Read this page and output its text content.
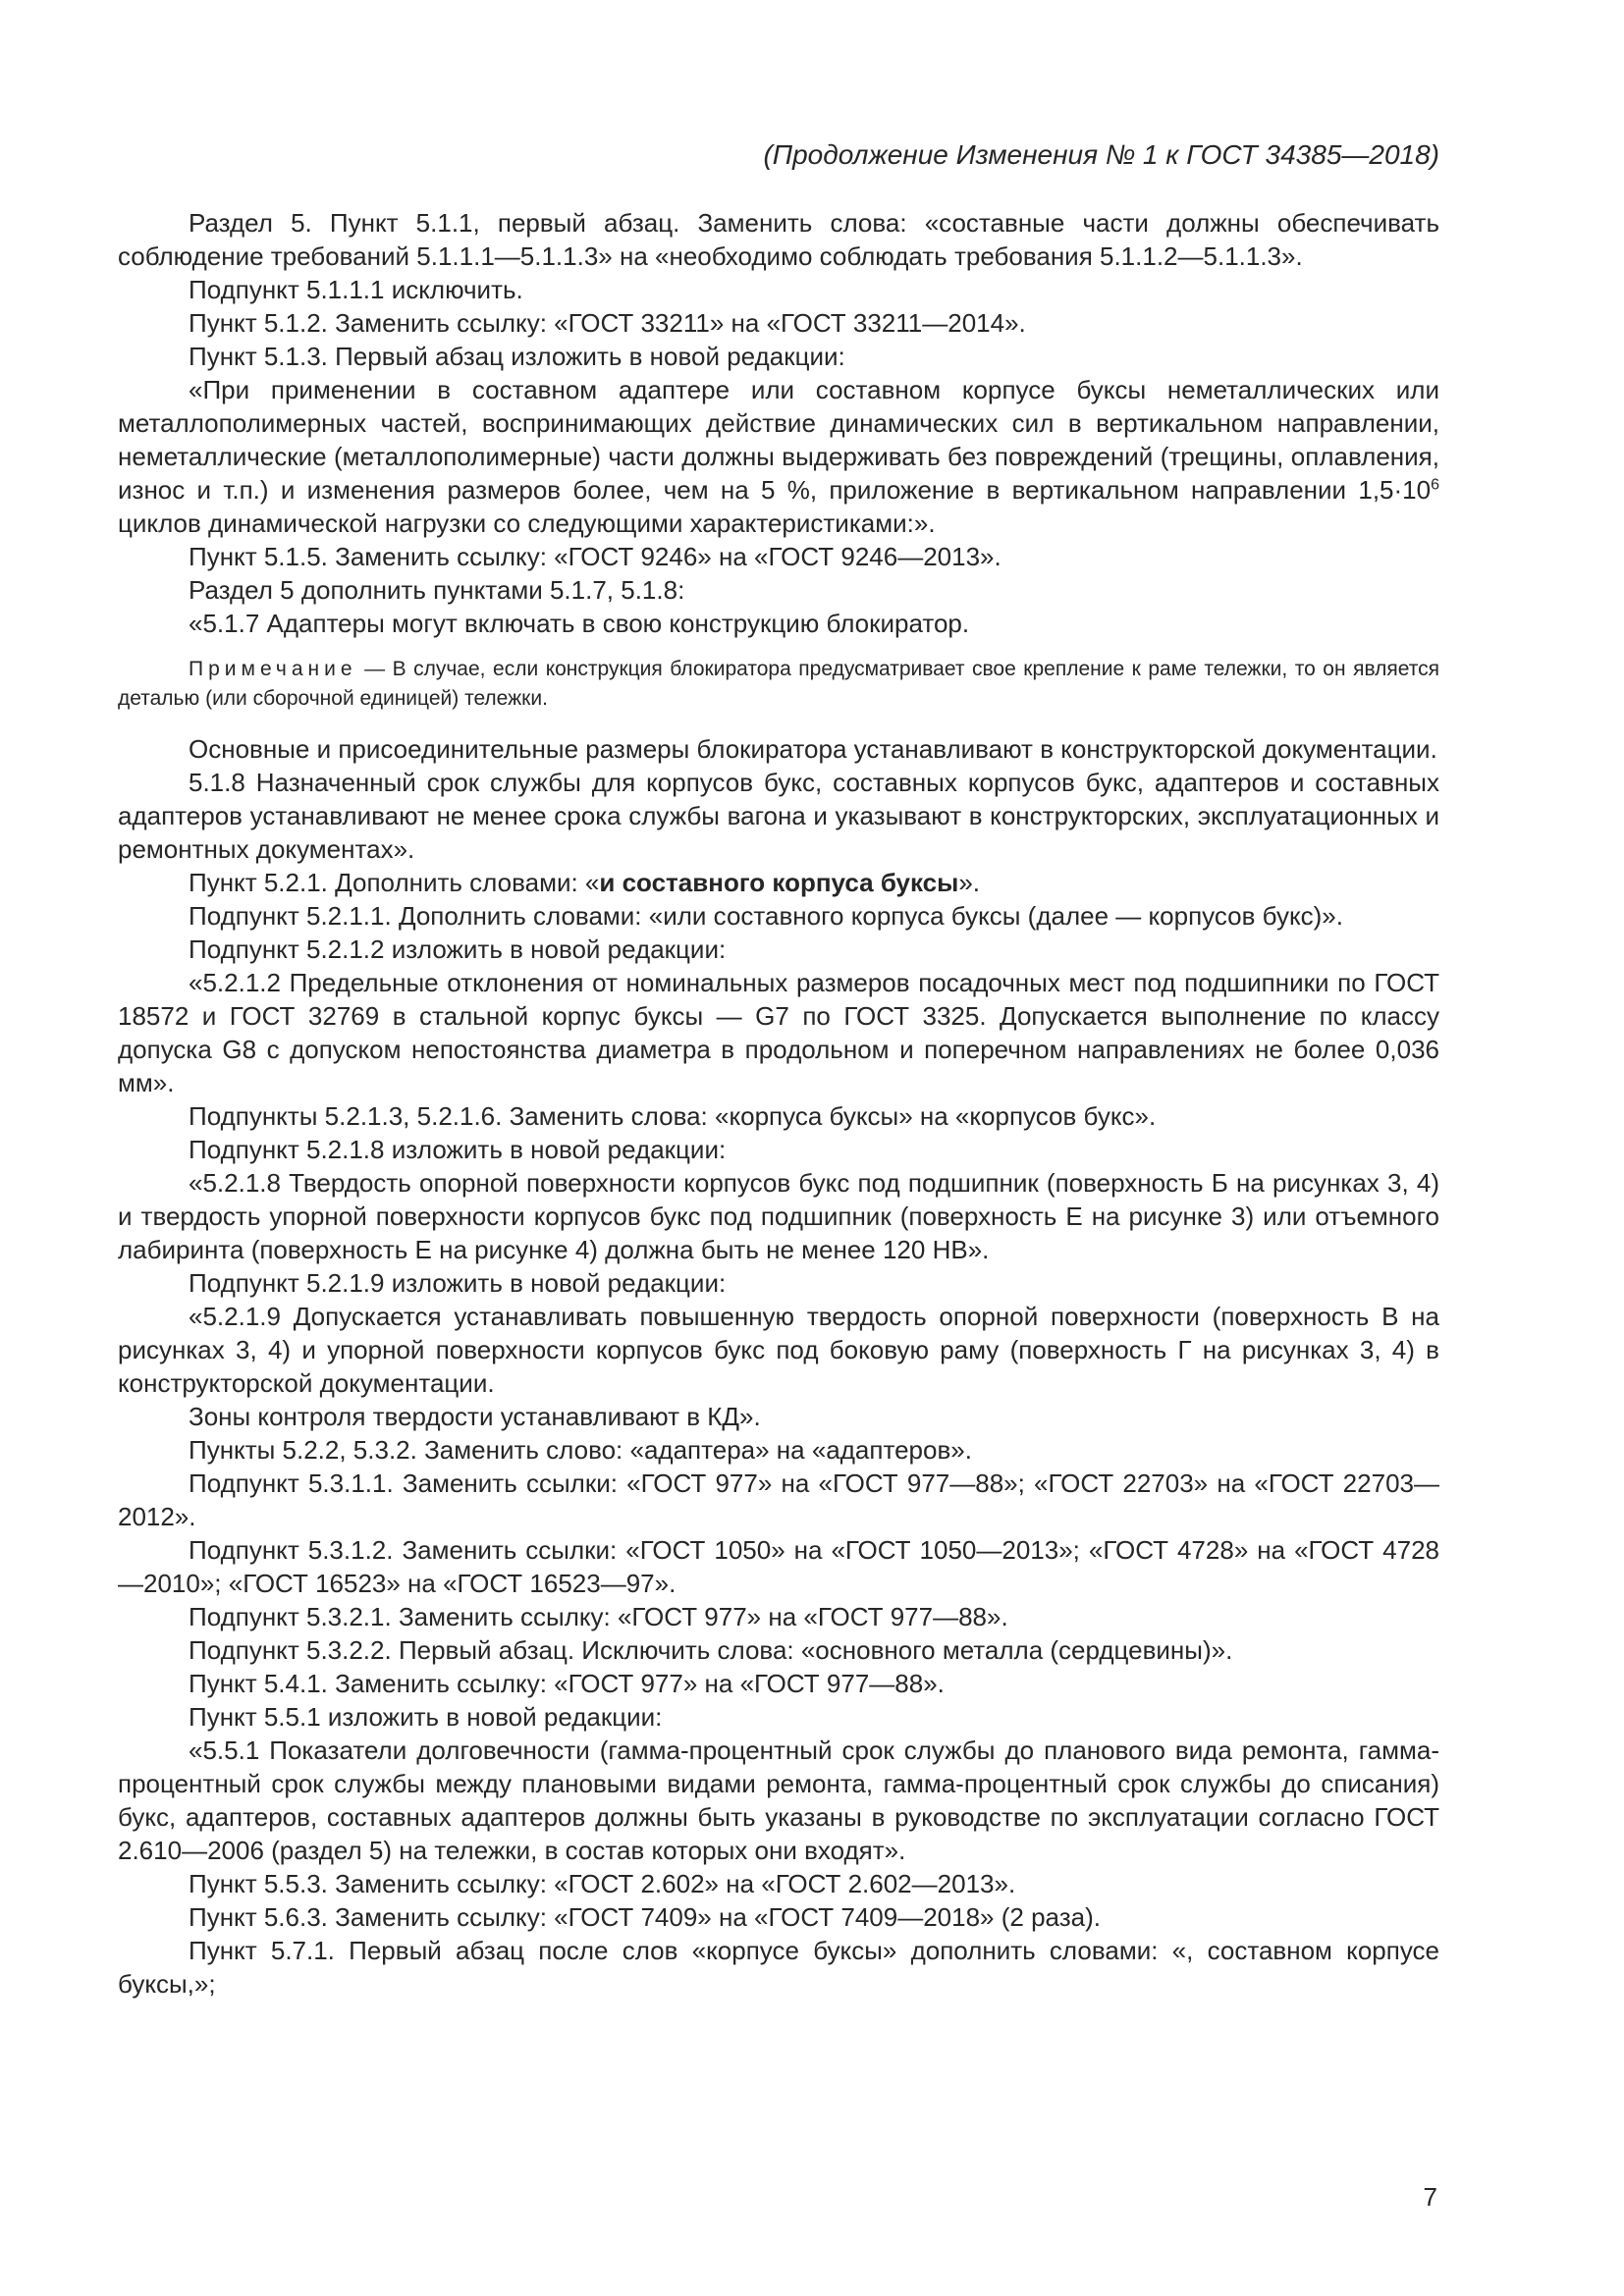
(Продолжение Изменения № 1 к ГОСТ 34385—2018)

Раздел 5. Пункт 5.1.1, первый абзац. Заменить слова: «составные части должны обеспечивать соблюдение требований 5.1.1.1—5.1.1.3» на «необходимо соблюдать требования 5.1.1.2—5.1.1.3».

Подпункт 5.1.1.1 исключить.

Пункт 5.1.2. Заменить ссылку: «ГОСТ 33211» на «ГОСТ 33211—2014».

Пункт 5.1.3. Первый абзац изложить в новой редакции:

«При применении в составном адаптере или составном корпусе буксы неметаллических или металлополимерных частей, воспринимающих действие динамических сил в вертикальном направлении, неметаллические (металлополимерные) части должны выдерживать без повреждений (трещины, оплавления, износ и т.п.) и изменения размеров более, чем на 5 %, приложение в вертикальном направлении $1,5\cdot 10^6$ циклов динамической нагрузки со следующими характеристиками:».

Пункт 5.1.5. Заменить ссылку: «ГОСТ 9246» на «ГОСТ 9246—2013».

Раздел 5 дополнить пунктами 5.1.7, 5.1.8:

«5.1.7 Адаптеры могут включать в свою конструкцию блокиратор.

Примечание — В случае, если конструкция блокиратора предусматривает свое крепление к раме тележки, то он является деталью (или сборочной единицей) тележки.

Основные и присоединительные размеры блокиратора устанавливают в конструкторской документации.

5.1.8 Назначенный срок службы для корпусов букс, составных корпусов букс, адаптеров и составных адаптеров устанавливают не менее срока службы вагона и указывают в конструкторских, эксплуатационных и ремонтных документах».

Пункт 5.2.1. Дополнить словами: «и составного корпуса буксы».

Подпункт 5.2.1.1. Дополнить словами: «или составного корпуса буксы (далее — корпусов букс)».

Подпункт 5.2.1.2 изложить в новой редакции:

«5.2.1.2 Предельные отклонения от номинальных размеров посадочных мест под подшипники по ГОСТ 18572 и ГОСТ 32769 в стальной корпус буксы — G7 по ГОСТ 3325. Допускается выполнение по классу допуска G8 с допуском непостоянства диаметра в продольном и поперечном направлениях не более 0,036 мм».

Подпункты 5.2.1.3, 5.2.1.6. Заменить слова: «корпуса буксы» на «корпусов букс».

Подпункт 5.2.1.8 изложить в новой редакции:

«5.2.1.8 Твердость опорной поверхности корпусов букс под подшипник (поверхность Б на рисунках 3, 4) и твердость упорной поверхности корпусов букс под подшипник (поверхность Е на рисунке 3) или отъемного лабиринта (поверхность Е на рисунке 4) должна быть не менее 120 НВ».

Подпункт 5.2.1.9 изложить в новой редакции:

«5.2.1.9 Допускается устанавливать повышенную твердость опорной поверхности (поверхность В на рисунках 3, 4) и упорной поверхности корпусов букс под боковую раму (поверхность Г на рисунках 3, 4) в конструкторской документации.

Зоны контроля твердости устанавливают в КД».

Пункты 5.2.2, 5.3.2. Заменить слово: «адаптера» на «адаптеров».

Подпункт 5.3.1.1. Заменить ссылки: «ГОСТ 977» на «ГОСТ 977—88»; «ГОСТ 22703» на «ГОСТ 22703—2012».

Подпункт 5.3.1.2. Заменить ссылки: «ГОСТ 1050» на «ГОСТ 1050—2013»; «ГОСТ 4728» на «ГОСТ 4728—2010»; «ГОСТ 16523» на «ГОСТ 16523—97».

Подпункт 5.3.2.1. Заменить ссылку: «ГОСТ 977» на «ГОСТ 977—88».

Подпункт 5.3.2.2. Первый абзац. Исключить слова: «основного металла (сердцевины)».

Пункт 5.4.1. Заменить ссылку: «ГОСТ 977» на «ГОСТ 977—88».

Пункт 5.5.1 изложить в новой редакции:

«5.5.1 Показатели долговечности (гамма-процентный срок службы до планового вида ремонта, гамма-процентный срок службы между плановыми видами ремонта, гамма-процентный срок службы до списания) букс, адаптеров, составных адаптеров должны быть указаны в руководстве по эксплуатации согласно ГОСТ 2.610—2006 (раздел 5) на тележки, в состав которых они входят».

Пункт 5.5.3. Заменить ссылку: «ГОСТ 2.602» на «ГОСТ 2.602—2013».

Пункт 5.6.3. Заменить ссылку: «ГОСТ 7409» на «ГОСТ 7409—2018» (2 раза).

Пункт 5.7.1. Первый абзац после слов «корпусе буксы» дополнить словами: «, составном корпусе буксы,»;

7
